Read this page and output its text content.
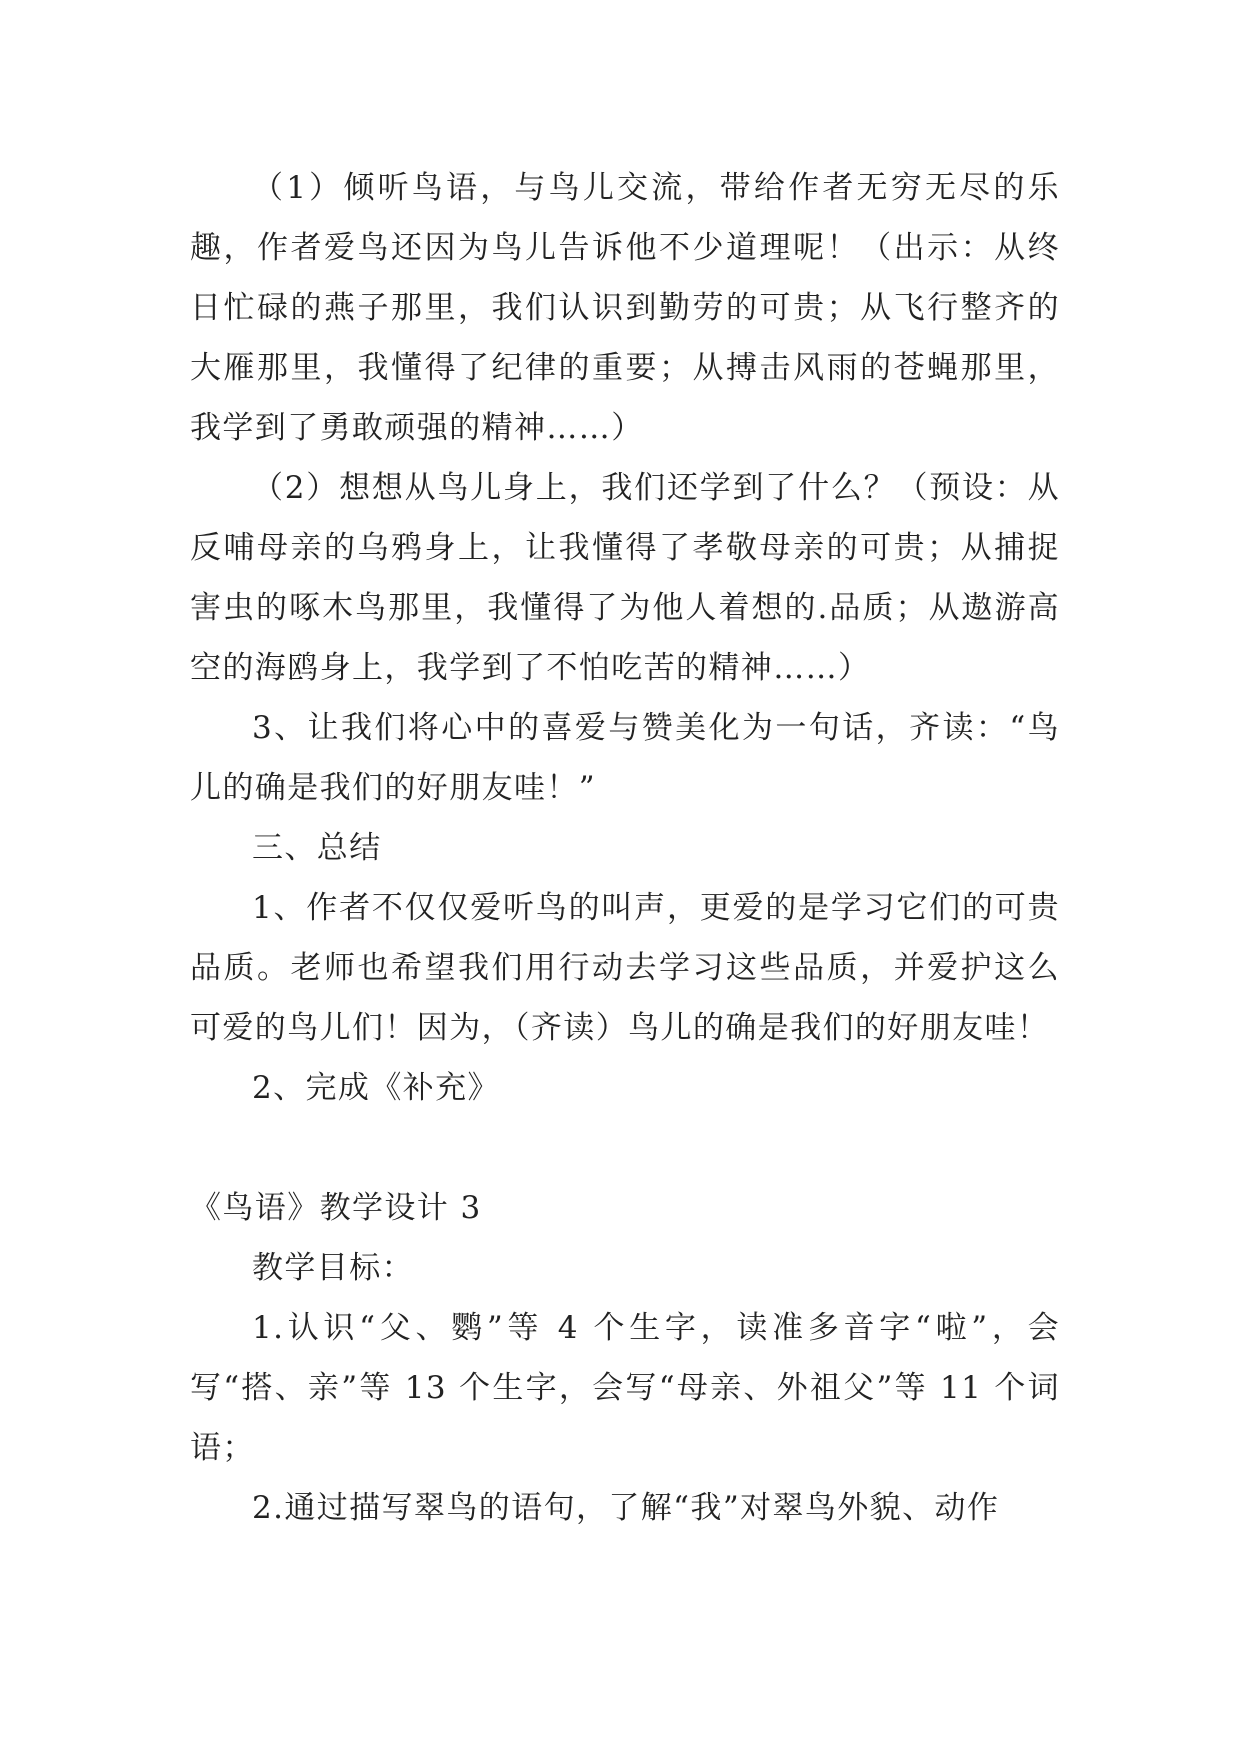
（1）倾听鸟语，与鸟儿交流，带给作者无穷无尽的乐趣，作者爱鸟还因为鸟儿告诉他不少道理呢！（出示：从终日忙碌的燕子那里，我们认识到勤劳的可贵；从飞行整齐的大雁那里，我懂得了纪律的重要；从搏击风雨的苍蝇那里，我学到了勇敢顽强的精神……）

（2）想想从鸟儿身上，我们还学到了什么？（预设：从反哺母亲的乌鸦身上，让我懂得了孝敬母亲的可贵；从捕捉害虫的啄木鸟那里，我懂得了为他人着想的.品质；从遨游高空的海鸥身上，我学到了不怕吃苦的精神……）

3、让我们将心中的喜爱与赞美化为一句话，齐读：“鸟儿的确是我们的好朋友哇！”

三、总结

1、作者不仅仅爱听鸟的叫声，更爱的是学习它们的可贵品质。老师也希望我们用行动去学习这些品质，并爱护这么可爱的鸟儿们！因为，（齐读）鸟儿的确是我们的好朋友哇！

2、完成《补充》

《鸟语》教学设计 3

教学目标：

1.认识“父、鹦”等 4 个生字，读准多音字“啦”，会写“搭、亲”等 13 个生字，会写“母亲、外祖父”等 11 个词语；

2.通过描写翠鸟的语句，了解“我”对翠鸟外貌、动作
